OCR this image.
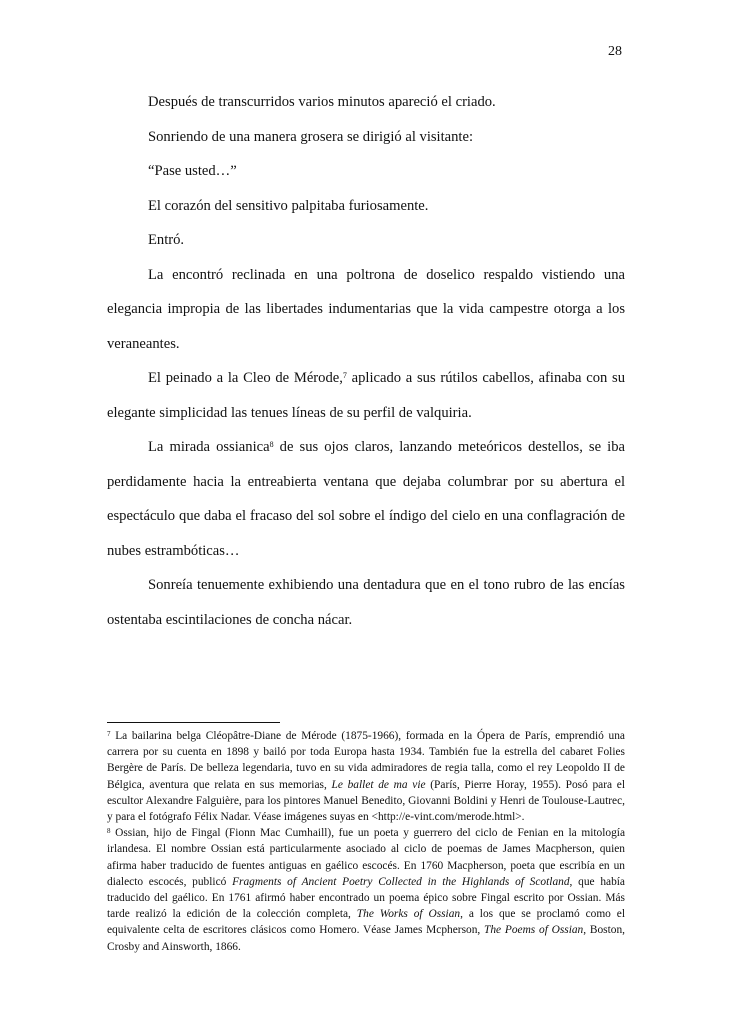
28

Después de transcurridos varios minutos apareció el criado.

Sonriendo de una manera grosera se dirigió al visitante:

“Pase usted…”

El corazón del sensitivo palpitaba furiosamente.

Entró.

La encontró reclinada en una poltrona de doselico respaldo vistiendo una elegancia impropia de las libertades indumentarias que la vida campestre otorga a los veraneantes.

El peinado a la Cleo de Mérode,$^7$ aplicado a sus rútilos cabellos, afinaba con su elegante simplicidad las tenues líneas de su perfil de valquiria.

La mirada ossianica$^8$ de sus ojos claros, lanzando meteóricos destellos, se iba perdidamente hacia la entreabierta ventana que dejaba columbrar por su abertura el espectáculo que daba el fracaso del sol sobre el índigo del cielo en una conflagración de nubes estrambóticas…

Sonreía tenuemente exhibiendo una dentadura que en el tono rubro de las encías ostentaba escintilaciones de concha nácar.

$^7$ La bailarina belga Cléopâtre-Diane de Mérode (1875-1966), formada en la Ópera de París, emprendió una carrera por su cuenta en 1898 y bailó por toda Europa hasta 1934. También fue la estrella del cabaret Folies Bergère de París. De belleza legendaria, tuvo en su vida admiradores de regia talla, como el rey Leopoldo II de Bélgica, aventura que relata en sus memorias, Le ballet de ma vie (París, Pierre Horay, 1955). Posó para el escultor Alexandre Falguière, para los pintores Manuel Benedito, Giovanni Boldini y Henri de Toulouse-Lautrec, y para el fotógrafo Félix Nadar. Véase imágenes suyas en <http://e-vint.com/merode.html>.

$^8$ Ossian, hijo de Fingal (Fionn Mac Cumhaill), fue un poeta y guerrero del ciclo de Fenian en la mitología irlandesa. El nombre Ossian está particularmente asociado al ciclo de poemas de James Macpherson, quien afirma haber traducido de fuentes antiguas en gaélico escocés. En 1760 Macpherson, poeta que escribía en un dialecto escocés, publicó Fragments of Ancient Poetry Collected in the Highlands of Scotland, que había traducido del gaélico. En 1761 afirmó haber encontrado un poema épico sobre Fingal escrito por Ossian. Más tarde realizó la edición de la colección completa, The Works of Ossian, a los que se proclamó como el equivalente celta de escritores clásicos como Homero. Véase James Mcpherson, The Poems of Ossian, Boston, Crosby and Ainsworth, 1866.
